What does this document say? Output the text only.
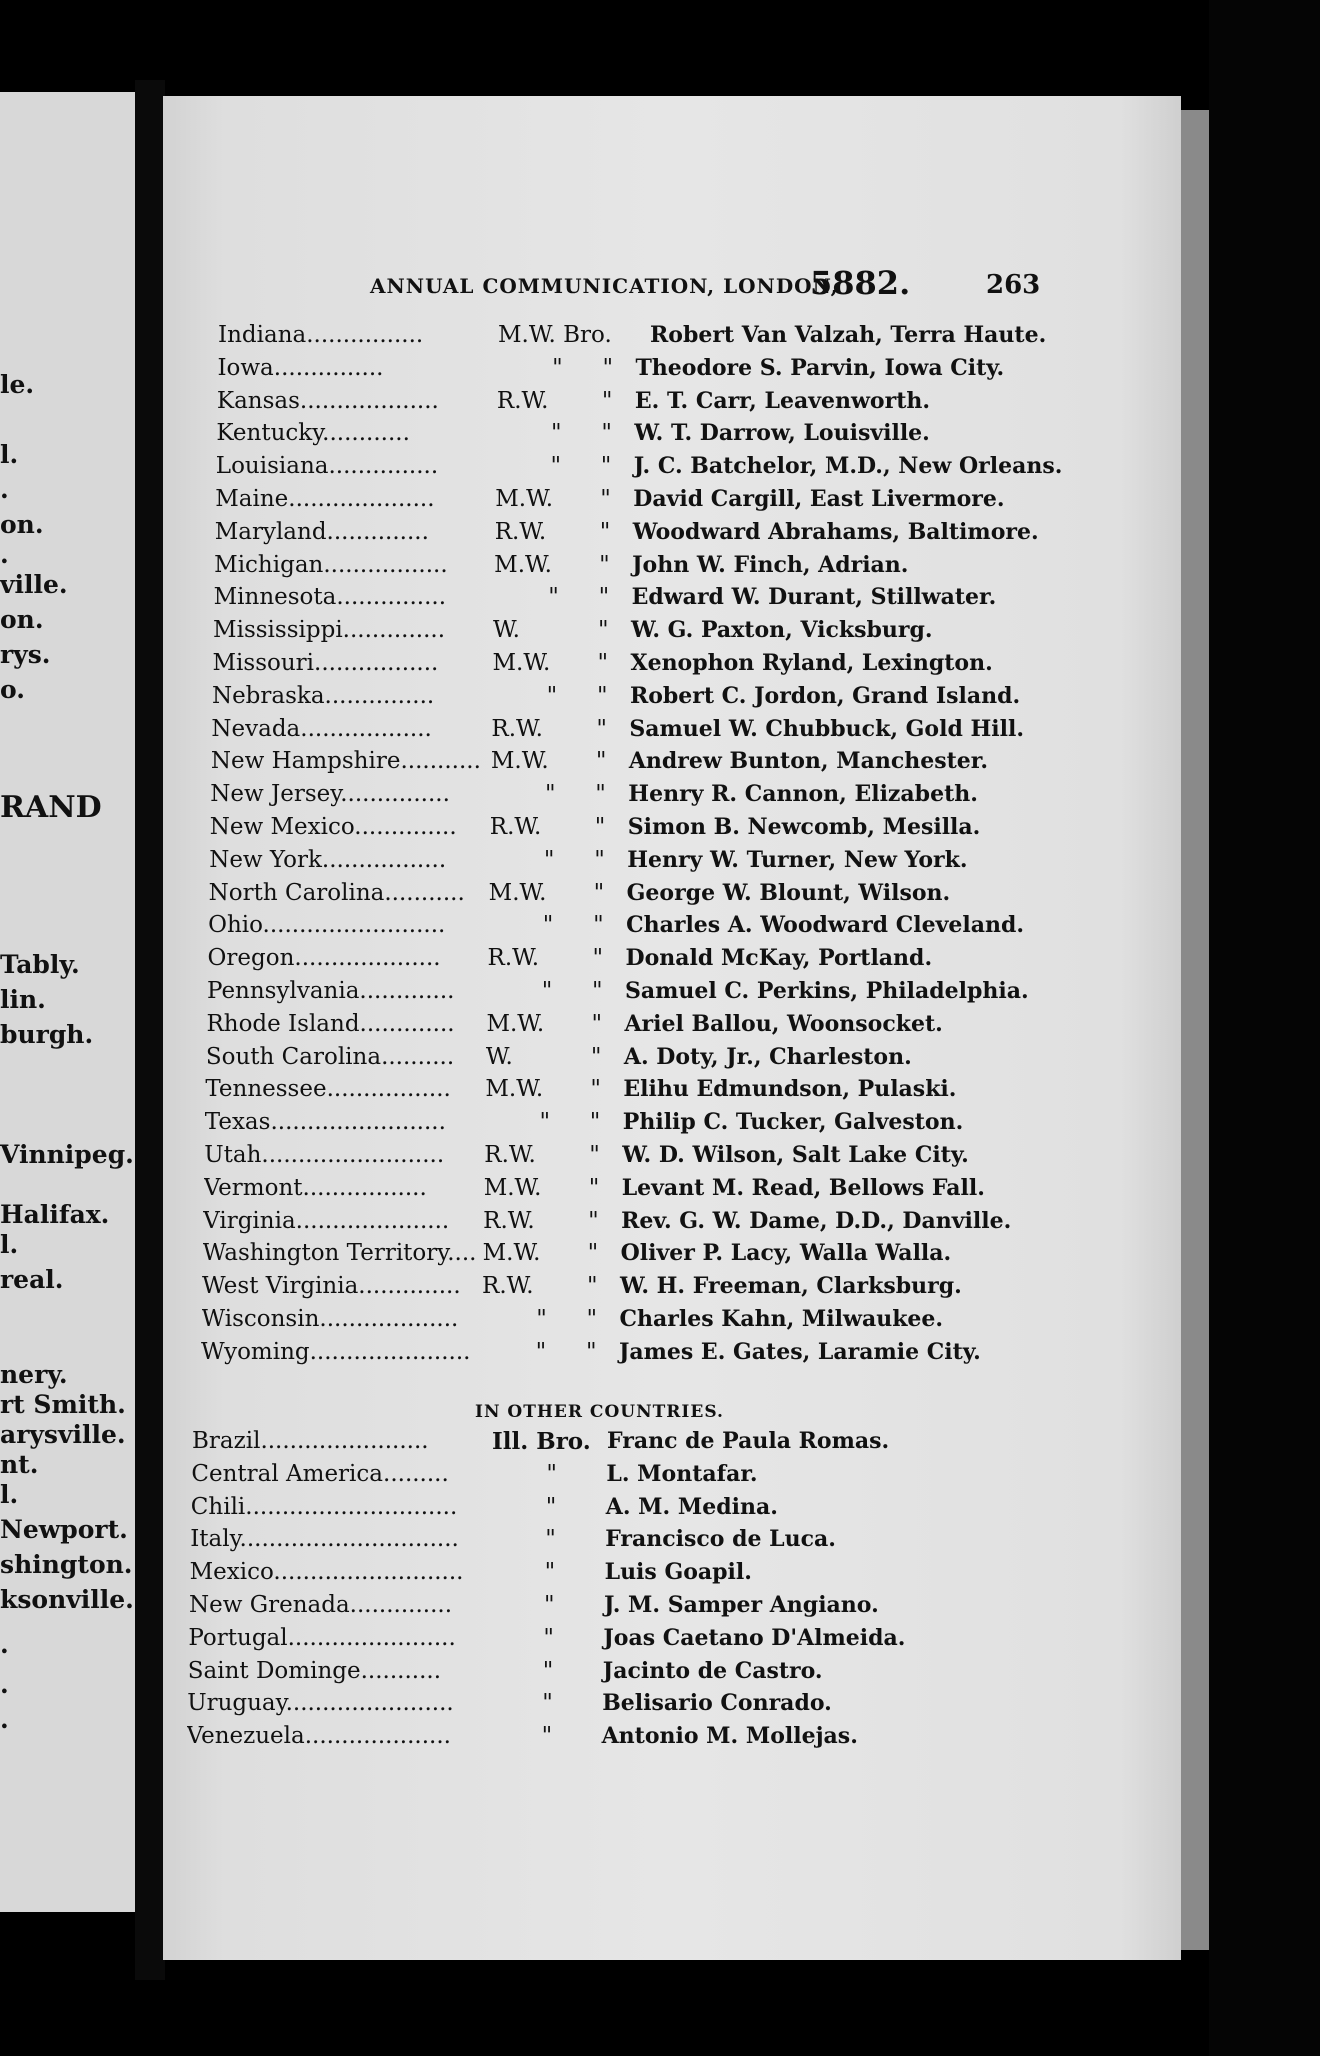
le.
l.
.
on.
.
ville.
on.
rys.
o.
RAND
Tably.
lin.
burgh.
Vinnipeg.
Halifax.
l.
real.
nery.
rt Smith.
arysville.
nt.
l.
Newport.
shington.
ksonville.
.
.
.
ANNUAL COMMUNICATION, LONDON,
5882.	263
Indiana................	M.W. Bro.	Robert Van Valzah, Terra Haute.
Iowa...............	"	" Theodore S. Parvin, Iowa City.
Kansas...................	R.W.	" E. T. Carr, Leavenworth.
Kentucky............	"	" W. T. Darrow, Louisville.
Louisiana...............	"	" J. C. Batchelor, M.D., New Orleans.
Maine....................	M.W.	" David Cargill, East Livermore.
Maryland..............	R.W.	" Woodward Abrahams, Baltimore.
Michigan.................	M.W.	" John W. Finch, Adrian.
Minnesota...............	"	" Edward W. Durant, Stillwater.
Mississippi..............	W.	" W. G. Paxton, Vicksburg.
Missouri.................	M.W.	" Xenophon Ryland, Lexington.
Nebraska...............	"	" Robert C. Jordon, Grand Island.
Nevada..................	R.W.	" Samuel W. Chubbuck, Gold Hill.
New Hampshire........... M.W.	" Andrew Bunton, Manchester.
New Jersey...............	"	" Henry R. Cannon, Elizabeth.
New Mexico..............	R.W.	" Simon B. Newcomb, Mesilla.
New York.................	"	" Henry W. Turner, New York.
North Carolina...........	M.W.	" George W. Blount, Wilson.
Ohio.........................	"	" Charles A. Woodward Cleveland.
Oregon....................	R.W.	" Donald McKay, Portland.
Pennsylvania.............	"	" Samuel C. Perkins, Philadelphia.
Rhode Island.............	M.W.	" Ariel Ballou, Woonsocket.
South Carolina..........	W.	" A. Doty, Jr., Charleston.
Tennessee.................	M.W.	" Elihu Edmundson, Pulaski.
Texas........................	"	" Philip C. Tucker, Galveston.
Utah.........................	R.W.	" W. D. Wilson, Salt Lake City.
Vermont.................	M.W.	" Levant M. Read, Bellows Fall.
Virginia.....................	R.W.	" Rev. G. W. Dame, D.D., Danville.
Washington Territory.... M.W.	" Oliver P. Lacy, Walla Walla.
West Virginia.............. R.W.	" W. H. Freeman, Clarksburg.
Wisconsin...................	"	" Charles Kahn, Milwaukee.
Wyoming......................	"	" James E. Gates, Laramie City.
IN OTHER COUNTRIES.
Brazil.......................	Ill. Bro. Franc de Paula Romas.
Central America.........	" L. Montafar.
Chili.............................	" A. M. Medina.
Italy..............................	" Francisco de Luca.
Mexico..........................	" Luis Goapil.
New Grenada..............	" J. M. Samper Angiano.
Portugal.......................	" Joas Caetano D'Almeida.
Saint Dominge...........	" Jacinto de Castro.
Uruguay.......................	" Belisario Conrado.
Venezuela....................	" Antonio M. Mollejas.
